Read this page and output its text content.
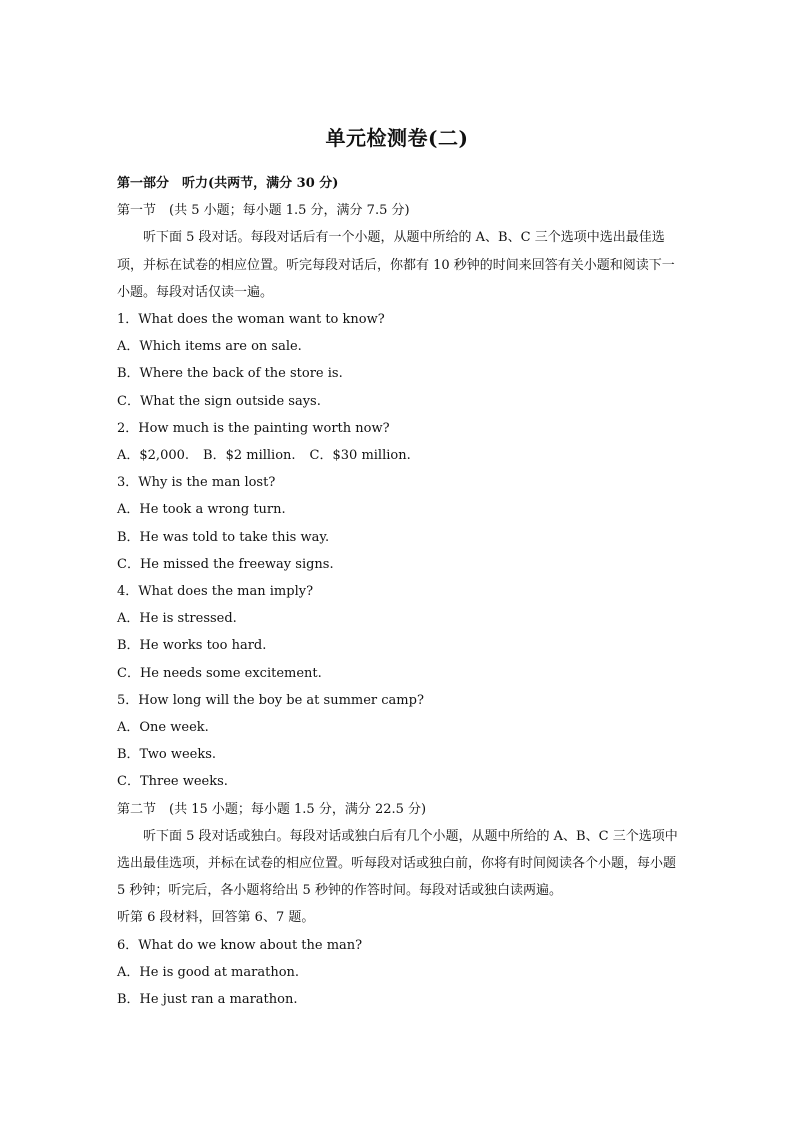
单元检测卷(二)
第一部分　听力(共两节，满分 30 分)
第一节　(共 5 小题；每小题 1.5 分，满分 7.5 分)
听下面 5 段对话。每段对话后有一个小题，从题中所给的 A、B、C 三个选项中选出最佳选项，并标在试卷的相应位置。听完每段对话后，你都有 10 秒钟的时间来回答有关小题和阅读下一小题。每段对话仅读一遍。
1．What does the woman want to know?
A．Which items are on sale.
B．Where the back of the store is.
C．What the sign outside says.
2．How much is the painting worth now?
A．$2,000. B．$2 million. C．$30 million.
3．Why is the man lost?
A．He took a wrong turn.
B．He was told to take this way.
C．He missed the freeway signs.
4．What does the man imply?
A．He is stressed.
B．He works too hard.
C．He needs some excitement.
5．How long will the boy be at summer camp?
A．One week.
B．Two weeks.
C．Three weeks.
第二节　(共 15 小题；每小题 1.5 分，满分 22.5 分)
听下面 5 段对话或独白。每段对话或独白后有几个小题，从题中所给的 A、B、C 三个选项中选出最佳选项，并标在试卷的相应位置。听每段对话或独白前，你将有时间阅读各个小题，每小题 5 秒钟；听完后，各小题将给出 5 秒钟的作答时间。每段对话或独白读两遍。
听第 6 段材料，回答第 6、7 题。
6．What do we know about the man?
A．He is good at marathon.
B．He just ran a marathon.
